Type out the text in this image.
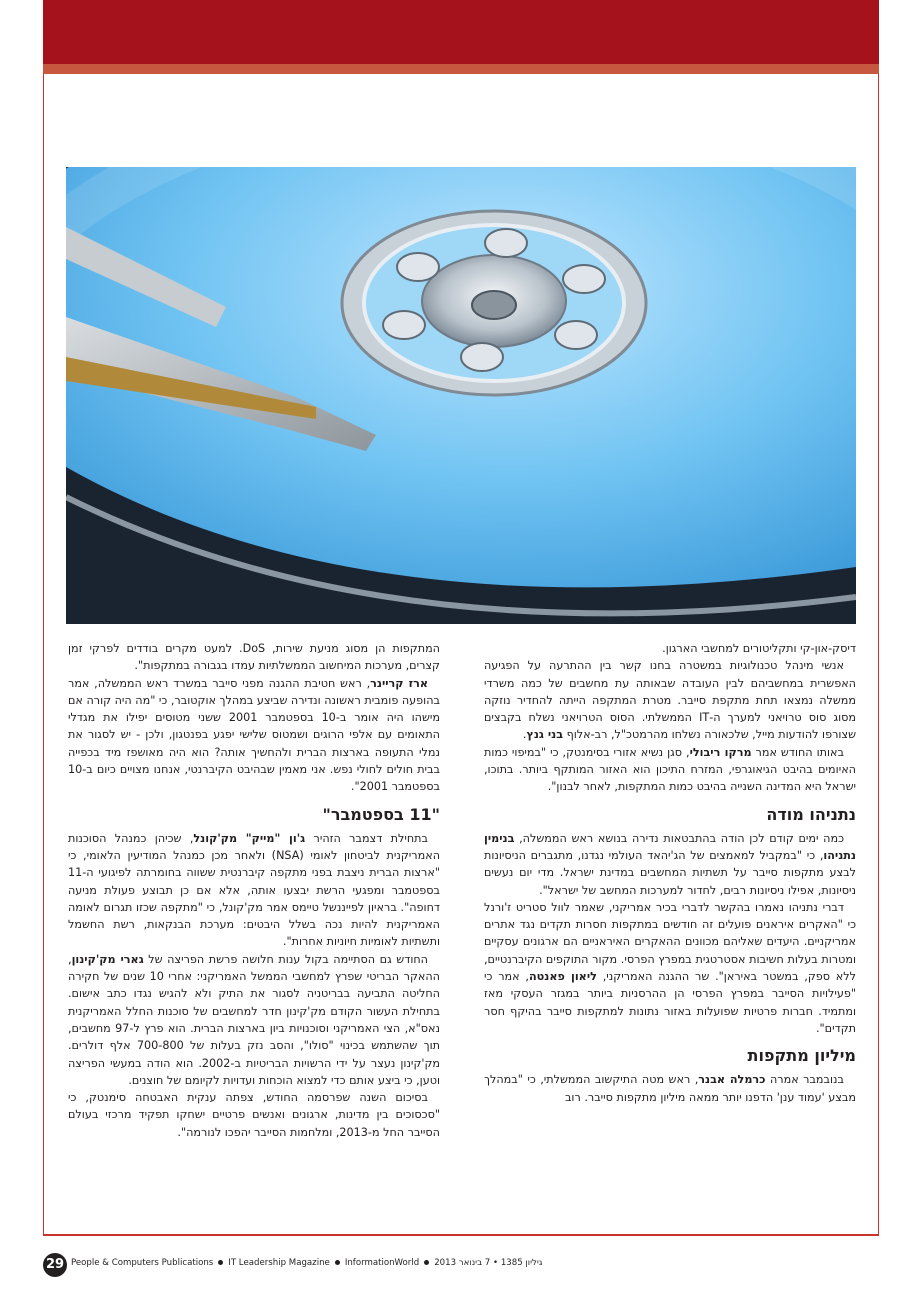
דיסק-און-קי ותקליטורים למחשבי הארגון.

אנשי מינהל טכנולוגיות במשטרה בחנו קשר בין ההתרעה על הפגיעה האפשרית במחשביהם לבין העובדה שבאותה עת מחשבים של כמה משרדי ממשלה נמצאו תחת מתקפת סייבר. מטרת המתקפה הייתה להחדיר נוזקה מסוג סוס טרויאני למערך ה-IT הממשלתי. הסוס הטרויאני נשלח בקבצים שצורפו להודעות מייל, שלכאורה נשלחו מהרמטכ"ל, רב-אלוף בני גנץ.

באותו החודש אמר מרקו ריבולי, סגן נשיא אזורי בסימנטק, כי "במיפוי כמות האיומים בהיבט הגיאוגרפי, המזרח התיכון הוא האזור המותקף ביותר. בתוכו, ישראל היא המדינה השנייה בהיבט כמות המתקפות, לאחר לבנון".

נתניהו מודה

כמה ימים קודם לכן הודה בהתבטאות נדירה בנושא ראש הממשלה, בנימין נתניהו, כי "במקביל למאמצים של הג'יהאד העולמי נגדנו, מתגברים הניסיונות לבצע מתקפות סייבר על תשתיות המחשבים במדינת ישראל. מדי יום נעשים ניסיונות, אפילו ניסיונות רבים, לחדור למערכות המחשב של ישראל".

דברי נתניהו נאמרו בהקשר לדברי בכיר אמריקני, שאמר לוול סטריט ז'ורנל כי "האקרים איראנים פועלים זה חודשים במתקפות חסרות תקדים נגד אתרים אמריקניים. היעדים שאליהם מכוונים ההאקרים האיראניים הם ארגונים עסקיים ומטרות בעלות חשיבות אסטרטגית במפרץ הפרסי. מקור התוקפים הקיברנטיים, ללא ספק, במשטר באיראן". שר ההגנה האמריקני, ליאון פאנטה, אמר כי "פעילויות הסייבר במפרץ הפרסי הן ההרסניות ביותר במגזר העסקי מאז ומתמיד. חברות פרטיות שפועלות באזור נתונות למתקפות סייבר בהיקף חסר תקדים".

מיליון מתקפות

בנובמבר אמרה כרמלה אבנר, ראש מטה התיקשוב הממשלתי, כי "במהלך מבצע 'עמוד ענן' הדפנו יותר ממאה מיליון מתקפות סייבר. רוב

המתקפות הן מסוג מניעת שירות, DoS. למעט מקרים בודדים לפרקי זמן קצרים, מערכות המיחשוב הממשלתיות עמדו בגבורה במתקפות".

ארז קריינר, ראש חטיבת ההגנה מפני סייבר במשרד ראש הממשלה, אמר בהופעה פומבית ראשונה ונדירה שביצע במהלך אוקטובר, כי "מה היה קורה אם מישהו היה אומר ב-10 בספטמבר 2001 ששני מטוסים יפילו את מגדלי התאומים עם אלפי הרוגים ושמטוס שלישי יפגע בפנטגון, ולכן - יש לסגור את נמלי התעופה בארצות הברית ולהחשיך אותה? הוא היה מאושפז מיד בכפייה בבית חולים לחולי נפש. אני מאמין שבהיבט הקיברנטי, אנחנו מצויים כיום ב-10 בספטמבר 2001".

"11 בספטמבר"

בתחילת דצמבר הזהיר ג'ון "מייק" מק'קונל, שכיהן כמנהל הסוכנות האמריקנית לביטחון לאומי (NSA) ולאחר מכן כמנהל המודיעין הלאומי, כי "ארצות הברית ניצבת בפני מתקפה קיברנטית ששווה בחומרתה לפיגועי ה-11 בספטמבר ומפגעי הרשת יבצעו אותה, אלא אם כן תבוצע פעולת מניעה דחופה". בראיון לפייננשל טיימס אמר מק'קונל, כי "מתקפה שכזו תגרום לאומה האמריקנית להיות נכה בשלל היבטים: מערכת הבנקאות, רשת החשמל ותשתיות לאומיות חיוניות אחרות".

החודש גם הסתיימה בקול ענות חלושה פרשת הפריצה של גארי מק'קינון, ההאקר הבריטי שפרץ למחשבי הממשל האמריקני: אחרי 10 שנים של חקירה החליטה התביעה בבריטניה לסגור את התיק ולא להגיש נגדו כתב אישום. בתחילת העשור הקודם מק'קינון חדר למחשבים של סוכנות החלל האמריקנית נאס"א, הצי האמריקני וסוכנויות ביון בארצות הברית. הוא פרץ ל-97 מחשבים, תוך שהשתמש בכינוי "סולו", והסב נזק בעלות של 700-800 אלף דולרים. מק'קינון נעצר על ידי הרשויות הבריטיות ב-2002. הוא הודה במעשי הפריצה וטען, כי ביצע אותם כדי למצוא הוכחות ועדויות לקיומם של חוצנים.

בסיכום השנה שפרסמה החודש, צפתה ענקית האבטחה סימנטק, כי "סכסוכים בין מדינות, ארגונים ואנשים פרטיים ישחקו תפקיד מרכזי בעולם הסייבר החל מ-2013, ומלחמות הסייבר יהפכו לנורמה".

29 People & Computers Publications IT Leadership Magazine InformationWorld גיליון 1385 • 7 בינואר 2013
